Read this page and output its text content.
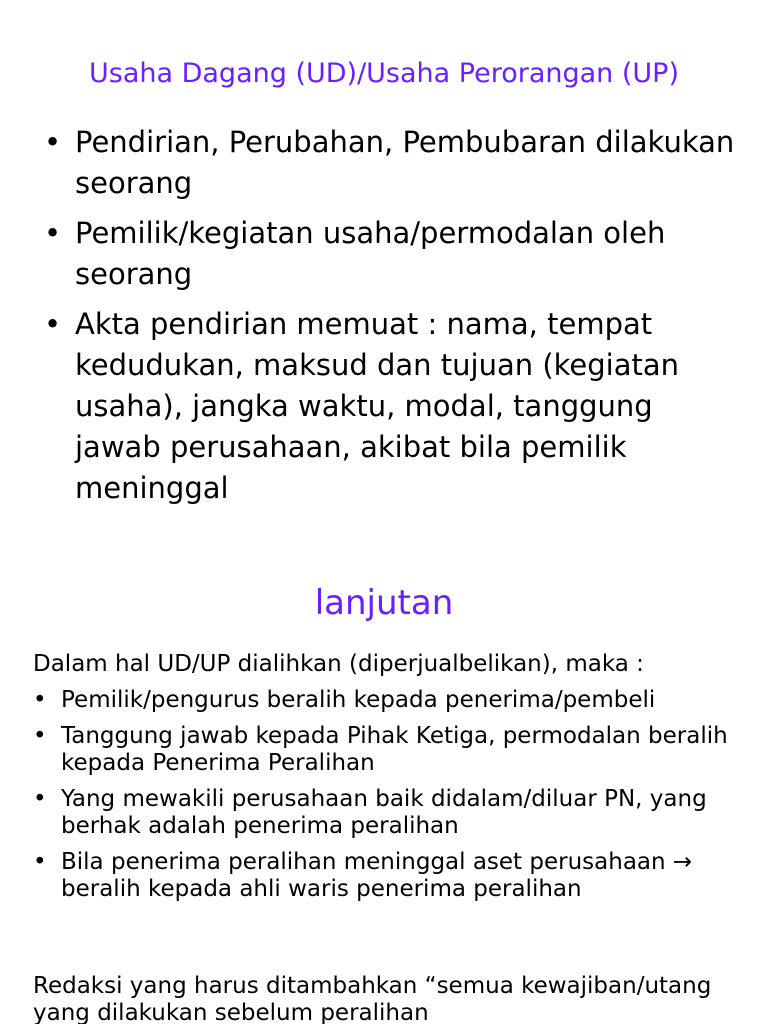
Usaha Dagang (UD)/Usaha Perorangan (UP)
• Pendirian, Perubahan, Pembubaran dilakukan seorang
• Pemilik/kegiatan usaha/permodalan oleh seorang
• Akta pendirian memuat : nama, tempat kedudukan, maksud dan tujuan (kegiatan usaha), jangka waktu, modal, tanggung jawab perusahaan, akibat bila pemilik meninggal
lanjutan
Dalam hal UD/UP dialihkan (diperjualbelikan), maka :
• Pemilik/pengurus beralih kepada penerima/pembeli
• Tanggung jawab kepada Pihak Ketiga, permodalan beralih kepada Penerima Peralihan
• Yang mewakili perusahaan baik didalam/diluar PN, yang berhak adalah penerima peralihan
• Bila penerima peralihan meninggal aset perusahaan → beralih kepada ahli waris penerima peralihan
Redaksi yang harus ditambahkan “semua kewajiban/utang yang dilakukan sebelum peralihan
